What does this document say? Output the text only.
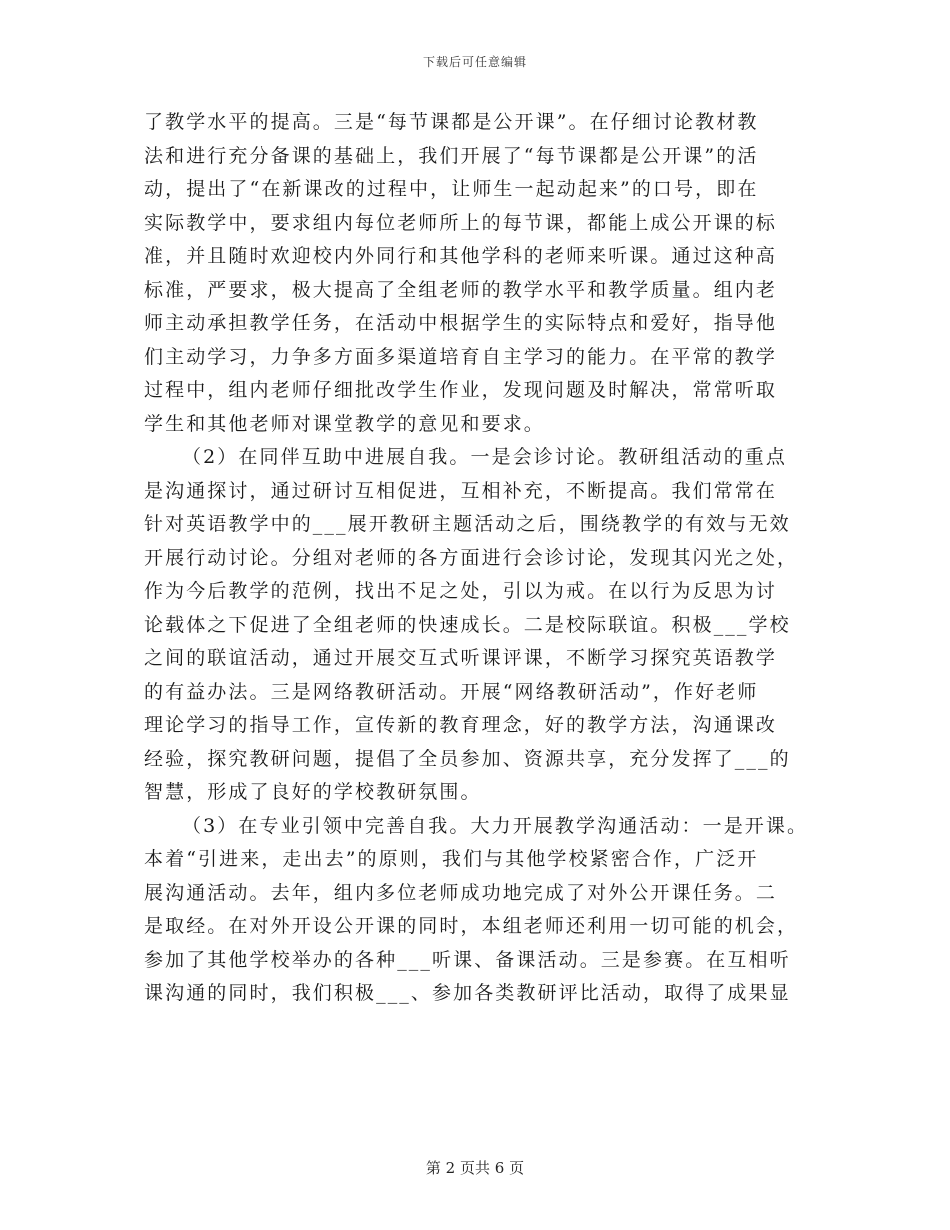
下载后可任意编辑
了教学水平的提高。三是“每节课都是公开课”。在仔细讨论教材教
法和进行充分备课的基础上，我们开展了“每节课都是公开课”的活
动，提出了“在新课改的过程中，让师生一起动起来”的口号，即在
实际教学中，要求组内每位老师所上的每节课，都能上成公开课的标
准，并且随时欢迎校内外同行和其他学科的老师来听课。通过这种高
标准，严要求，极大提高了全组老师的教学水平和教学质量。组内老
师主动承担教学任务，在活动中根据学生的实际特点和爱好，指导他
们主动学习，力争多方面多渠道培育自主学习的能力。在平常的教学
过程中，组内老师仔细批改学生作业，发现问题及时解决，常常听取
学生和其他老师对课堂教学的意见和要求。
（2）在同伴互助中进展自我。一是会诊讨论。教研组活动的重点
是沟通探讨，通过研讨互相促进，互相补充，不断提高。我们常常在
针对英语教学中的___展开教研主题活动之后，围绕教学的有效与无效
开展行动讨论。分组对老师的各方面进行会诊讨论，发现其闪光之处，
作为今后教学的范例，找出不足之处，引以为戒。在以行为反思为讨
论载体之下促进了全组老师的快速成长。二是校际联谊。积极___学校
之间的联谊活动，通过开展交互式听课评课，不断学习探究英语教学
的有益办法。三是网络教研活动。开展“网络教研活动”，作好老师
理论学习的指导工作，宣传新的教育理念，好的教学方法，沟通课改
经验，探究教研问题，提倡了全员参加、资源共享，充分发挥了___的
智慧，形成了良好的学校教研氛围。
（3）在专业引领中完善自我。大力开展教学沟通活动：一是开课。
本着“引进来，走出去”的原则，我们与其他学校紧密合作，广泛开
展沟通活动。去年，组内多位老师成功地完成了对外公开课任务。二
是取经。在对外开设公开课的同时，本组老师还利用一切可能的机会，
参加了其他学校举办的各种___听课、备课活动。三是参赛。在互相听
课沟通的同时，我们积极___、参加各类教研评比活动，取得了成果显
第 2 页共 6 页
